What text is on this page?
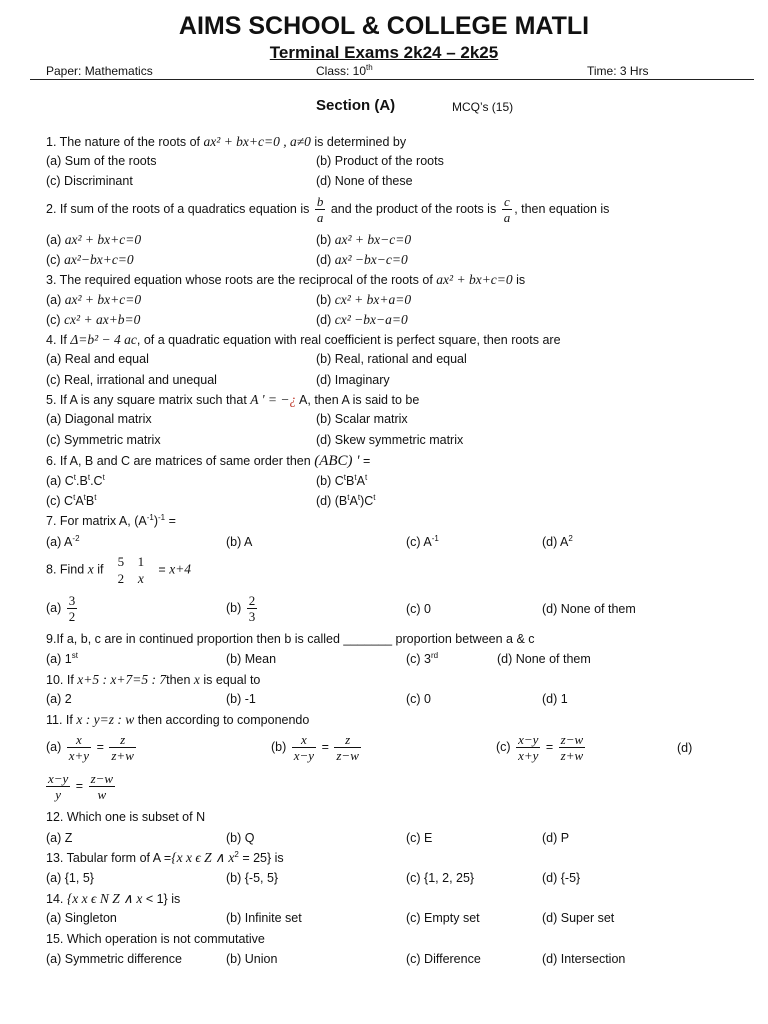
AIMS SCHOOL & COLLEGE MATLI
Terminal Exams 2k24 – 2k25
Paper: Mathematics	Class: 10th	Time: 3 Hrs
Section (A)	MCQ’s (15)
1. The nature of the roots of ax² + bx+c=0 , a≠0 is determined by
(a) Sum of the roots	(b) Product of the roots
(c) Discriminant	(d) None of these
2. If sum of the roots of a quadratics equation is $\frac{b}{a}$ and the product of the roots is $\frac{c}{a}$ , then equation is
(a) ax² + bx+c=0	(b) ax² + bx−c=0
(c) ax²−bx+c=0	(d) ax² −bx−c=0
3. The required equation whose roots are the reciprocal of the roots of ax² + bx+c=0 is
(a) ax² + bx+c=0	(b) cx² + bx+a=0
(c) cx² + ax+b=0	(d) cx² −bx−a=0
4. If Δ=b² − 4 ac, of a quadratic equation with real coefficient is perfect square, then roots are
(a) Real and equal	(b) Real, rational and equal
(c) Real, irrational and unequal	(d) Imaginary
5. If A is any square matrix such that A ' = −¿ A, then A is said to be
(a) Diagonal matrix	(b) Scalar matrix
(c) Symmetric matrix	(d) Skew symmetric matrix
6. If A, B and C are matrices of same order then (ABC) ' =
(a) $C^t.B^t.C^t$	(b) $C^tB^tA^t$
(c) $C^tA^tB^t$	(d) $(B^tA^t)C^t$
7. For matrix A, $(A^{-1})^{-1}$ =
(a) $A^{-2}$	(b) A	(c) $A^{-1}$	(d) $A^2$
8. Find x if 5 1
2 x = x+4
$(a) \frac{3}{2}$	$(b) \frac{2}{3}$	(c) 0	(d) None of them
9.If a, b, c are in continued proportion then b is called _______ proportion between a & c
(a) 1st	(b) Mean	(c) 3rd	(d) None of them
10. If x+5 : x+7=5 : 7then x is equal to
(a) 2	(b) -1	(c) 0	(d) 1
11. If x : y=z : w then according to componendo
$(a) \frac{x}{x+y} = \frac{z}{z+w}$	$(b) \frac{x}{x-y} = \frac{z}{z-w}$	$(c) \frac{x-y}{x+y} = \frac{z-w}{z+w}$	(d)
$\frac{x-y}{y} = \frac{z-w}{w}$
12. Which one is subset of N
(a) Z	(b) Q	(c) E	(d) P
13. Tabular form of A ={x x ϵ Z ∧ $x^2 = 25$} is
(a) {1, 5}	(b) {-5, 5}	(c) {1, 2, 25}	(d) {-5}
14. {x x ϵ N Z ∧ x < 1} is
(a) Singleton	(b) Infinite set	(c) Empty set	(d) Super set
15. Which operation is not commutative
(a) Symmetric difference	(b) Union	(c) Difference	(d) Intersection
